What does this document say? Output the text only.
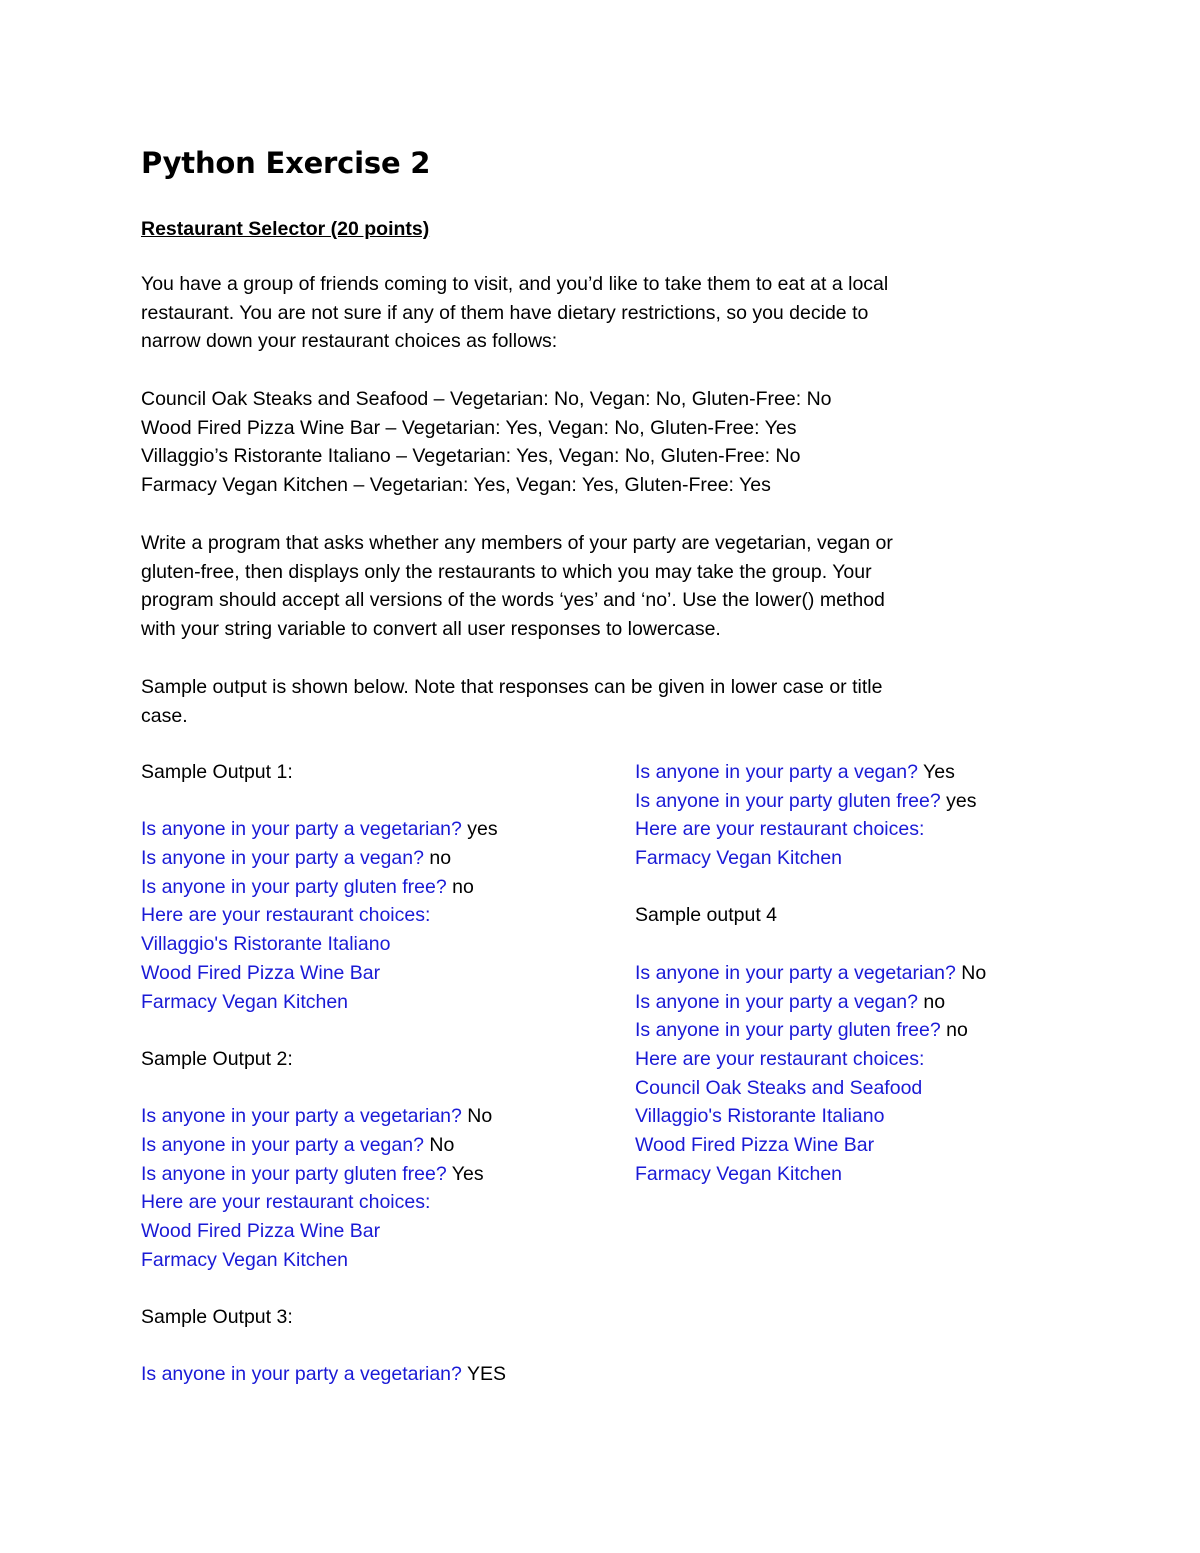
Python Exercise 2
Restaurant Selector (20 points)

You have a group of friends coming to visit, and you’d like to take them to eat at a local
restaurant. You are not sure if any of them have dietary restrictions, so you decide to
narrow down your restaurant choices as follows:

Council Oak Steaks and Seafood – Vegetarian: No, Vegan: No, Gluten-Free: No
Wood Fired Pizza Wine Bar – Vegetarian: Yes, Vegan: No, Gluten-Free: Yes
Villaggio’s Ristorante Italiano – Vegetarian: Yes, Vegan: No, Gluten-Free: No
Farmacy Vegan Kitchen – Vegetarian: Yes, Vegan: Yes, Gluten-Free: Yes

Write a program that asks whether any members of your party are vegetarian, vegan or
gluten-free, then displays only the restaurants to which you may take the group. Your
program should accept all versions of the words ‘yes’ and ‘no’. Use the lower() method
with your string variable to convert all user responses to lowercase.

Sample output is shown below. Note that responses can be given in lower case or title
case.

Sample Output 1:
Is anyone in your party a vegetarian? yes
Is anyone in your party a vegan? no
Is anyone in your party gluten free? no
Here are your restaurant choices:
Villaggio's Ristorante Italiano
Wood Fired Pizza Wine Bar
Farmacy Vegan Kitchen
Sample Output 2:
Is anyone in your party a vegetarian? No
Is anyone in your party a vegan? No
Is anyone in your party gluten free? Yes
Here are your restaurant choices:
Wood Fired Pizza Wine Bar
Farmacy Vegan Kitchen
Sample Output 3:
Is anyone in your party a vegetarian? YES
Is anyone in your party a vegan? Yes
Is anyone in your party gluten free? yes
Here are your restaurant choices:
Farmacy Vegan Kitchen
Sample output 4
Is anyone in your party a vegetarian? No
Is anyone in your party a vegan? no
Is anyone in your party gluten free? no
Here are your restaurant choices:
Council Oak Steaks and Seafood
Villaggio's Ristorante Italiano
Wood Fired Pizza Wine Bar
Farmacy Vegan Kitchen
